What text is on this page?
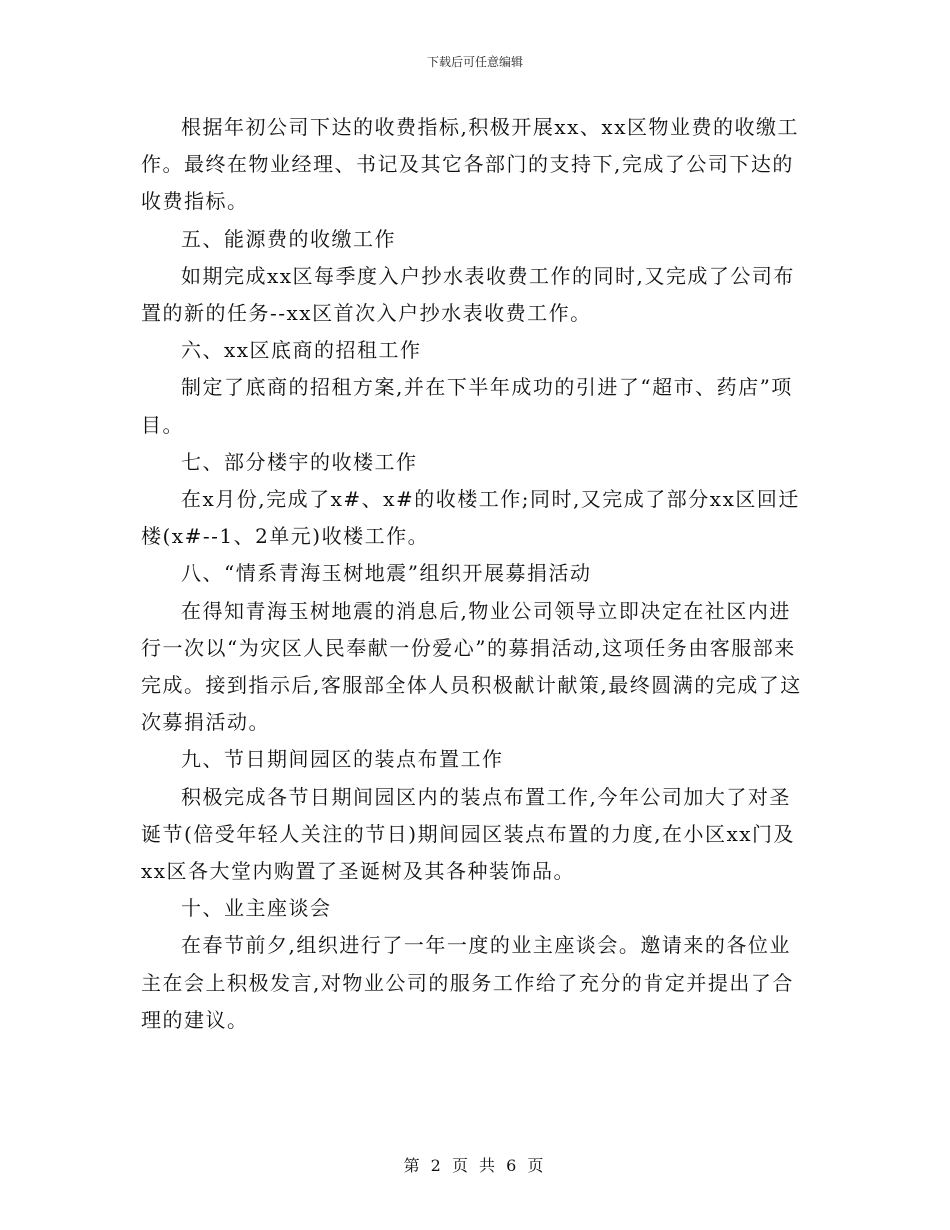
下载后可任意编辑

根据年初公司下达的收费指标,积极开展xx、xx区物业费的收缴工作。最终在物业经理、书记及其它各部门的支持下,完成了公司下达的收费指标。

五、能源费的收缴工作

如期完成xx区每季度入户抄水表收费工作的同时,又完成了公司布置的新的任务--xx区首次入户抄水表收费工作。

六、xx区底商的招租工作

制定了底商的招租方案,并在下半年成功的引进了“超市、药店”项目。

七、部分楼宇的收楼工作

在x月份,完成了x#、x#的收楼工作;同时,又完成了部分xx区回迁楼(x#--1、2单元)收楼工作。

八、“情系青海玉树地震”组织开展募捐活动

在得知青海玉树地震的消息后,物业公司领导立即决定在社区内进行一次以“为灾区人民奉献一份爱心”的募捐活动,这项任务由客服部来完成。接到指示后,客服部全体人员积极献计献策,最终圆满的完成了这次募捐活动。

九、节日期间园区的装点布置工作

积极完成各节日期间园区内的装点布置工作,今年公司加大了对圣诞节(倍受年轻人关注的节日)期间园区装点布置的力度,在小区xx门及xx区各大堂内购置了圣诞树及其各种装饰品。

十、业主座谈会

在春节前夕,组织进行了一年一度的业主座谈会。邀请来的各位业主在会上积极发言,对物业公司的服务工作给了充分的肯定并提出了合理的建议。

第 2 页 共 6 页
